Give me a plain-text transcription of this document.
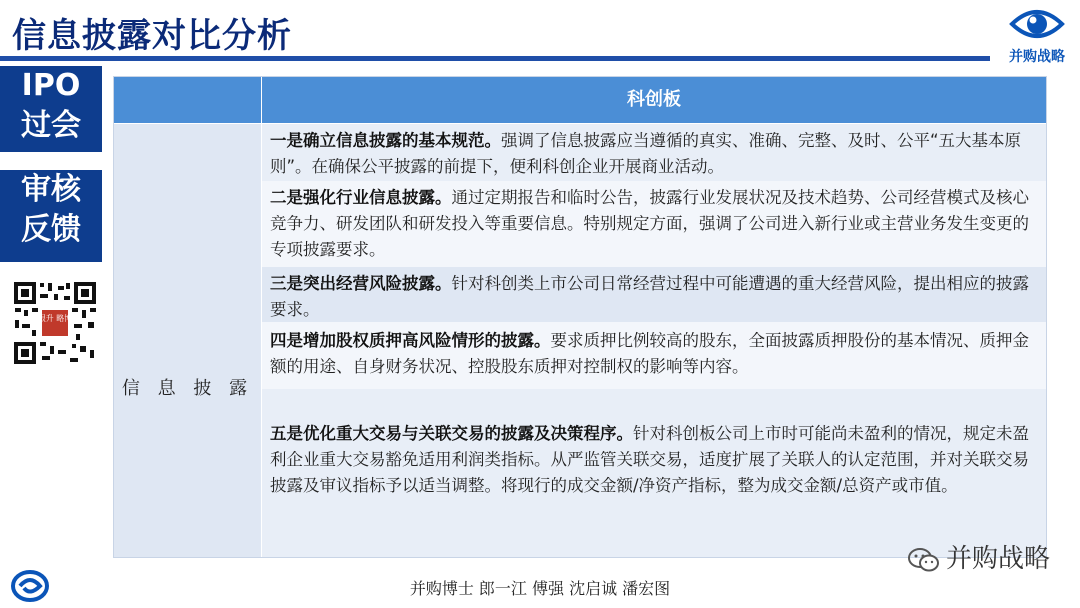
信息披露对比分析
并购战略
IPO
过会
审核
反馈
跟升 略博
科创板
信 息 披 露
一是确立信息披露的基本规范。强调了信息披露应当遵循的真实、准确、完整、及时、公平“五大基本原则”。在确保公平披露的前提下，便利科创企业开展商业活动。
二是强化行业信息披露。通过定期报告和临时公告，披露行业发展状况及技术趋势、公司经营模式及核心竞争力、研发团队和研发投入等重要信息。特别规定方面，强调了公司进入新行业或主营业务发生变更的专项披露要求。
三是突出经营风险披露。针对科创类上市公司日常经营过程中可能遭遇的重大经营风险，提出相应的披露要求。
四是增加股权质押高风险情形的披露。要求质押比例较高的股东，全面披露质押股份的基本情况、质押金额的用途、自身财务状况、控股股东质押对控制权的影响等内容。
五是优化重大交易与关联交易的披露及决策程序。针对科创板公司上市时可能尚未盈利的情况，规定未盈利企业重大交易豁免适用利润类指标。从严监管关联交易，适度扩展了关联人的认定范围，并对关联交易披露及审议指标予以适当调整。将现行的成交金额/净资产指标，整为成交金额/总资产或市值。
并购战略
并购博士 郎一江 傅强 沈启诚 潘宏图
